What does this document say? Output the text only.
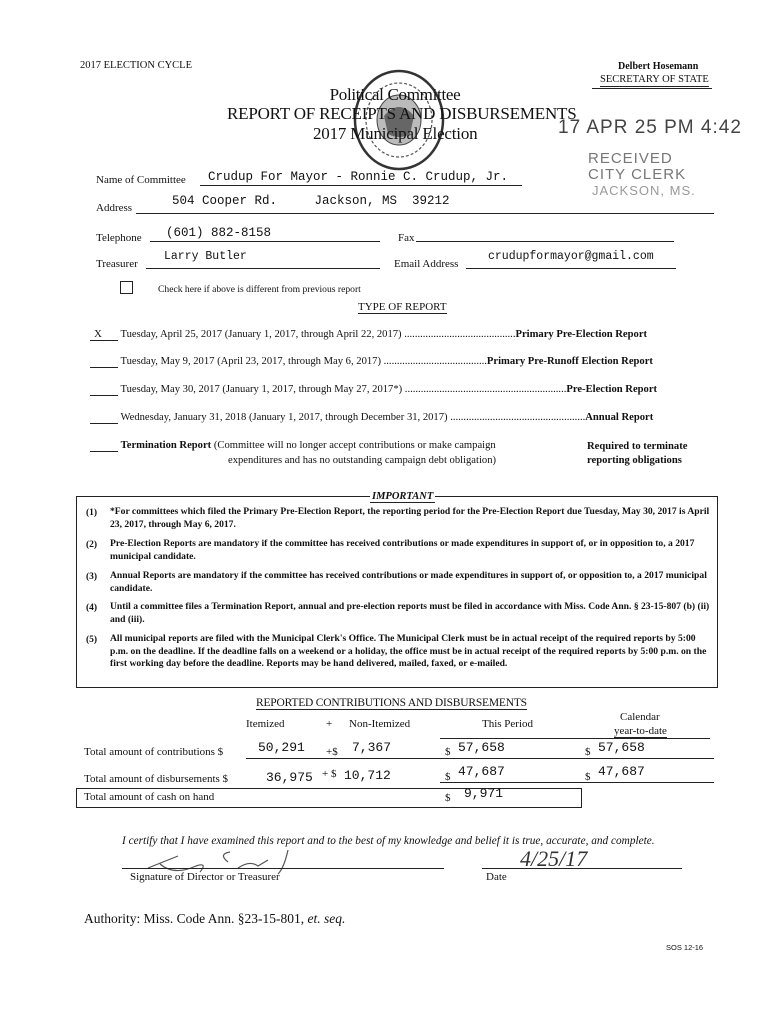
2017 ELECTION CYCLE	Delbert Hosemann
SECRETARY OF STATE
Political Committee
REPORT OF RECEIPTS AND DISBURSEMENTS
2017 Municipal Election	17 APR 25 PM 4:42
RECEIVED
CITY CLERK
JACKSON, MS.
Name of Committee Crudup For Mayor - Ronnie C. Crudup, Jr.
Address	504 Cooper Rd.     Jackson, MS  39212
Telephone (601) 882-8158	Fax
Treasurer
Larry Butler
Email Address
crudupformayor@gmail.com
Check here if above is different from previous report
TYPE OF REPORT
X Tuesday, April 25, 2017 (January 1, 2017, through April 22, 2017) ..........................................Primary Pre-Election Report
Tuesday, May 9, 2017 (April 23, 2017, through May 6, 2017) .......................................Primary Pre-Runoff Election Report
Tuesday, May 30, 2017 (January 1, 2017, through May 27, 2017*) .............................................................Pre-Election Report
Wednesday, January 31, 2018 (January 1, 2017, through December 31, 2017) ...................................................Annual Report
Termination Report (Committee will no longer accept contributions or make campaign
expenditures and has no outstanding campaign debt obligation)
Required to terminate
reporting obligations
IMPORTANT
(1) *For committees which filed the Primary Pre-Election Report, the reporting period for the Pre-Election Report due Tuesday, May 30, 2017 is April 23, 2017, through May 6, 2017.
(2) Pre-Election Reports are mandatory if the committee has received contributions or made expenditures in support of, or in opposition to, a 2017 municipal candidate.
(3) Annual Reports are mandatory if the committee has received contributions or made expenditures in support of, or opposition to, a 2017 municipal candidate.
(4) Until a committee files a Termination Report, annual and pre-election reports must be filed in accordance with Miss. Code Ann. § 23-15-807 (b) (ii) and (iii).
(5) All municipal reports are filed with the Municipal Clerk's Office. The Municipal Clerk must be in actual receipt of the required reports by 5:00 p.m. on the deadline. If the deadline falls on a weekend or a holiday, the office must be in actual receipt of the required reports by 5:00 p.m. on the first working day before the deadline. Reports may be hand delivered, mailed, faxed, or e-mailed.
REPORTED CONTRIBUTIONS AND DISBURSEMENTS
Itemized	+ Non-Itemized	This Period
Calendar
year-to-date
Total amount of contributions $	50,291 +$ 7,367	$ 57,658	$ 57,658
Total amount of disbursements $	36,975 + $ 10,712	$ 47,687	$ 47,687
Total amount of cash on hand	$ 9,971
I certify that I have examined this report and to the best of my knowledge and belief it is true, accurate, and complete.
Signature of Director or Treasurer
4/25/17
Date
Authority: Miss. Code Ann. §23-15-801, et. seq.
SOS 12-16
